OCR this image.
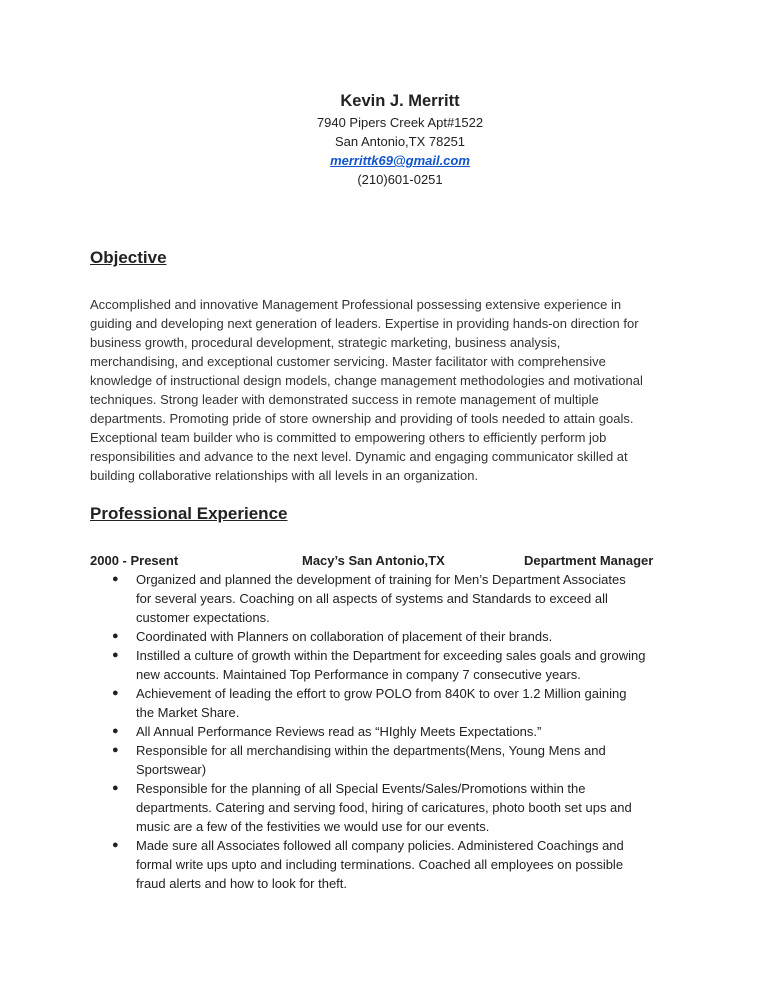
Kevin J. Merritt
7940 Pipers Creek Apt#1522
San Antonio,TX 78251
merrittk69@gmail.com
(210)601-0251
Objective
Accomplished and innovative Management Professional possessing extensive experience in
guiding and developing next generation of leaders. Expertise in providing hands-on direction for
business growth, procedural development, strategic marketing, business analysis,
merchandising, and exceptional customer servicing. Master facilitator with comprehensive
knowledge of instructional design models, change management methodologies and motivational
techniques. Strong leader with demonstrated success in remote management of multiple
departments. Promoting pride of store ownership and providing of tools needed to attain goals.
Exceptional team builder who is committed to empowering others to efficiently perform job
responsibilities and advance to the next level. Dynamic and engaging communicator skilled at
building collaborative relationships with all levels in an organization.
Professional Experience
2000 - Present	Macy’s San Antonio,TX	Department Manager
● Organized and planned the development of training for Men’s Department Associates
for several years. Coaching on all aspects of systems and Standards to exceed all
customer expectations.
● Coordinated with Planners on collaboration of placement of their brands.
● Instilled a culture of growth within the Department for exceeding sales goals and growing
new accounts. Maintained Top Performance in company 7 consecutive years.
● Achievement of leading the effort to grow POLO from 840K to over 1.2 Million gaining
the Market Share.
● All Annual Performance Reviews read as “HIghly Meets Expectations.”
● Responsible for all merchandising within the departments(Mens, Young Mens and
Sportswear)
● Responsible for the planning of all Special Events/Sales/Promotions within the
departments. Catering and serving food, hiring of caricatures, photo booth set ups and
music are a few of the festivities we would use for our events.
● Made sure all Associates followed all company policies. Administered Coachings and
formal write ups upto and including terminations. Coached all employees on possible
fraud alerts and how to look for theft.
